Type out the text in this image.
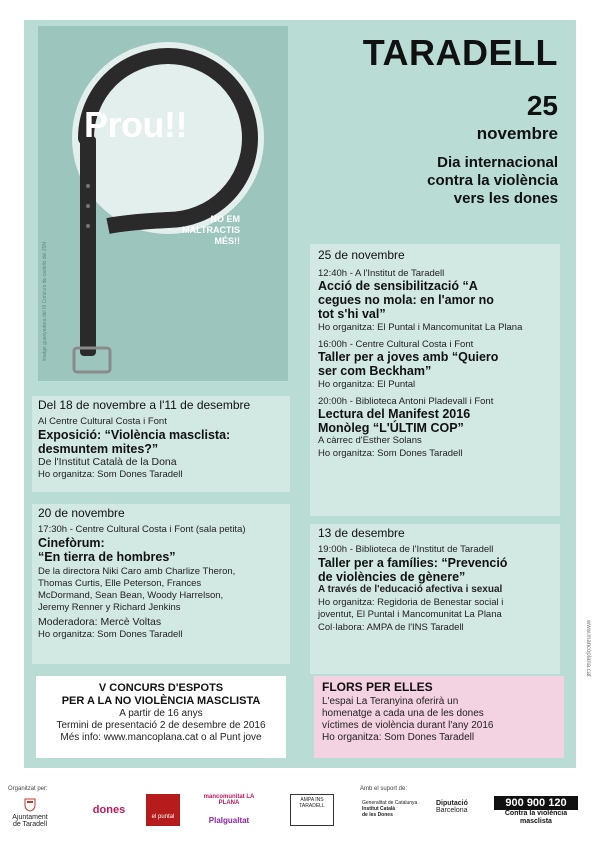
Prou!!
NO EM
MALTRACTIS
MÉS!!
imatge guanyadora del III Concurs de cartells del 25N
TARADELL
25
novembre
Dia internacional
contra la violència
vers les dones
25 de novembre
12:40h - A l'Institut de Taradell
Acció de sensibilització “A
cegues no mola: en l'amor no
tot s'hi val”
Ho organitza: El Puntal i Mancomunitat La Plana
16:00h - Centre Cultural Costa i Font
Taller per a joves amb “Quiero
ser com Beckham”
Ho organitza: El Puntal
20:00h - Biblioteca Antoni Pladevall i Font
Lectura del Manifest 2016
Monòleg “L'ÚLTIM COP”
A càrrec d'Esther Solans
Ho organitza: Som Dones Taradell
Del 18 de novembre a l'11 de desembre
Al Centre Cultural Costa i Font
Exposició: “Violència masclista:
desmuntem mites?”
De l'Institut Català de la Dona
Ho organitza: Som Dones Taradell
20 de novembre
17:30h - Centre Cultural Costa i Font (sala petita)
Cinefòrum:
“En tierra de hombres”
De la directora Niki Caro amb Charlize Theron,
Thomas Curtis, Elle Peterson, Frances
McDormand, Sean Bean, Woody Harrelson,
Jeremy Renner y Richard Jenkins
Moderadora: Mercè Voltas
Ho organitza: Som Dones Taradell
13 de desembre
19:00h - Biblioteca de l'Institut de Taradell
Taller per a famílies: “Prevenció
de violències de gènere”
A través de l'educació afectiva i sexual
Ho organitza: Regidoria de Benestar social i
joventut, El Puntal i Mancomunitat La Plana
Col·labora: AMPA de l'INS Taradell
V CONCURS D'ESPOTS
PER A LA NO VIOLÈNCIA MASCLISTA
A partir de 16 anys
Termini de presentació 2 de desembre de 2016
Més info: www.mancoplana.cat o al Punt jove
FLORS PER ELLES
L'espai La Teranyina oferirà un
homenatge a cada una de les dones
víctimes de violència durant l'any 2016
Ho organitza: Som Dones Taradell
www.mancoplana.cat
Organitzat per:	Amb el suport de:
Ajuntament
de Taradell
dones
el puntal
mancomunitat LA PLANA
PlaIgualtat
AMPA INS TARADELL	Generalitat de Catalunya
Institut Català
de les Dones
Diputació
Barcelona
900 900 120
Contra la violència
masclista
